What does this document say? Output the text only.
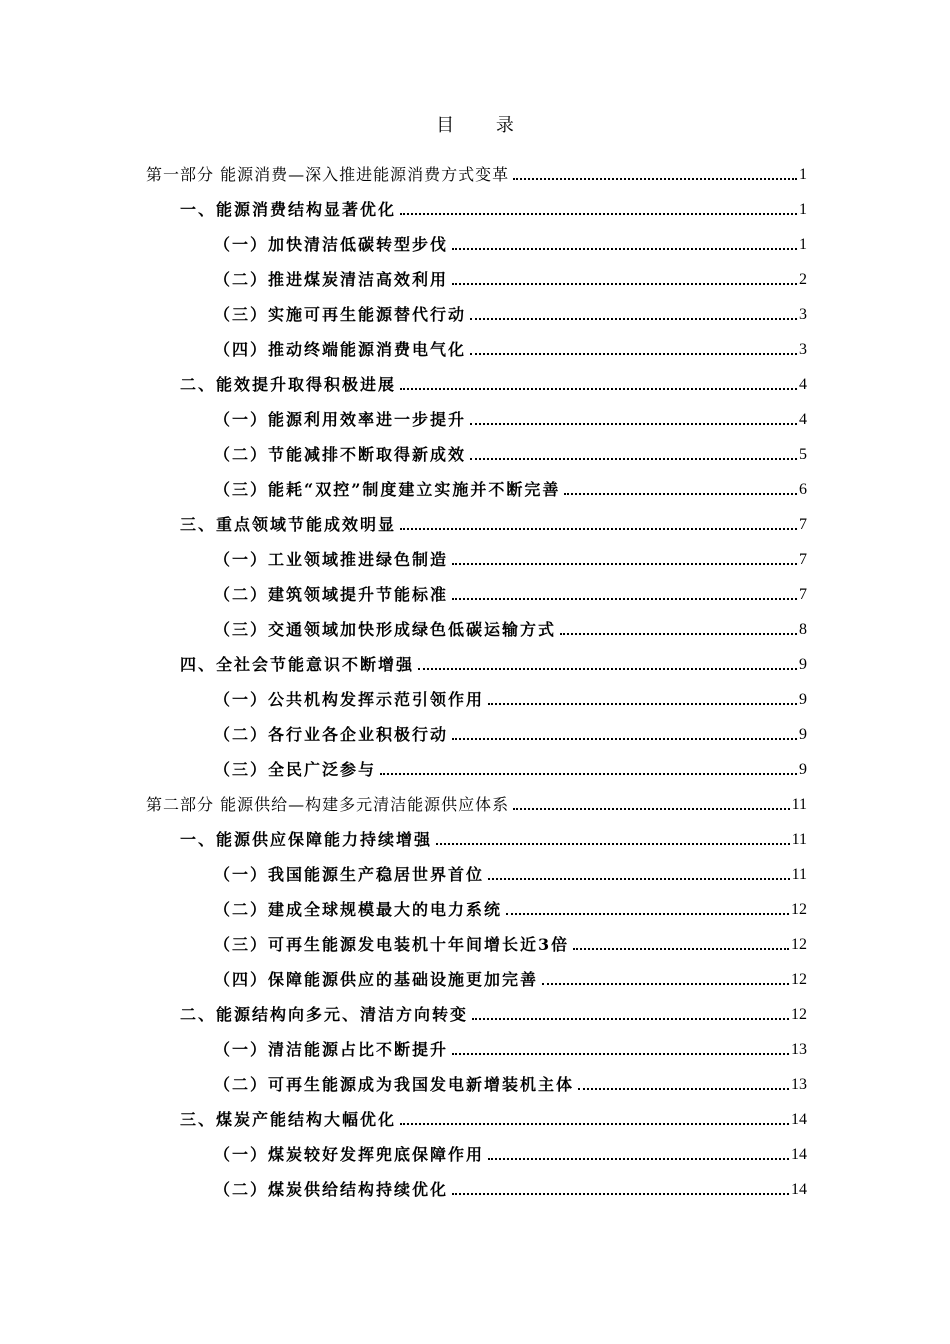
目 录
第一部分 能源消费—深入推进能源消费方式变革	1
一、能源消费结构显著优化	1
（一）加快清洁低碳转型步伐	1
（二）推进煤炭清洁高效利用	2
（三）实施可再生能源替代行动	3
（四）推动终端能源消费电气化	3
二、能效提升取得积极进展	4
（一）能源利用效率进一步提升	4
（二）节能减排不断取得新成效	5
（三）能耗“双控”制度建立实施并不断完善	6
三、重点领域节能成效明显	7
（一）工业领域推进绿色制造	7
（二）建筑领域提升节能标准	7
（三）交通领域加快形成绿色低碳运输方式	8
四、全社会节能意识不断增强	9
（一）公共机构发挥示范引领作用	9
（二）各行业各企业积极行动	9
（三）全民广泛参与	9
第二部分 能源供给—构建多元清洁能源供应体系	11
一、能源供应保障能力持续增强	11
（一）我国能源生产稳居世界首位	11
（二）建成全球规模最大的电力系统	12
（三）可再生能源发电装机十年间增长近3倍	12
（四）保障能源供应的基础设施更加完善	12
二、能源结构向多元、清洁方向转变	12
（一）清洁能源占比不断提升	13
（二）可再生能源成为我国发电新增装机主体	13
三、煤炭产能结构大幅优化	14
（一）煤炭较好发挥兜底保障作用	14
（二）煤炭供给结构持续优化	14
